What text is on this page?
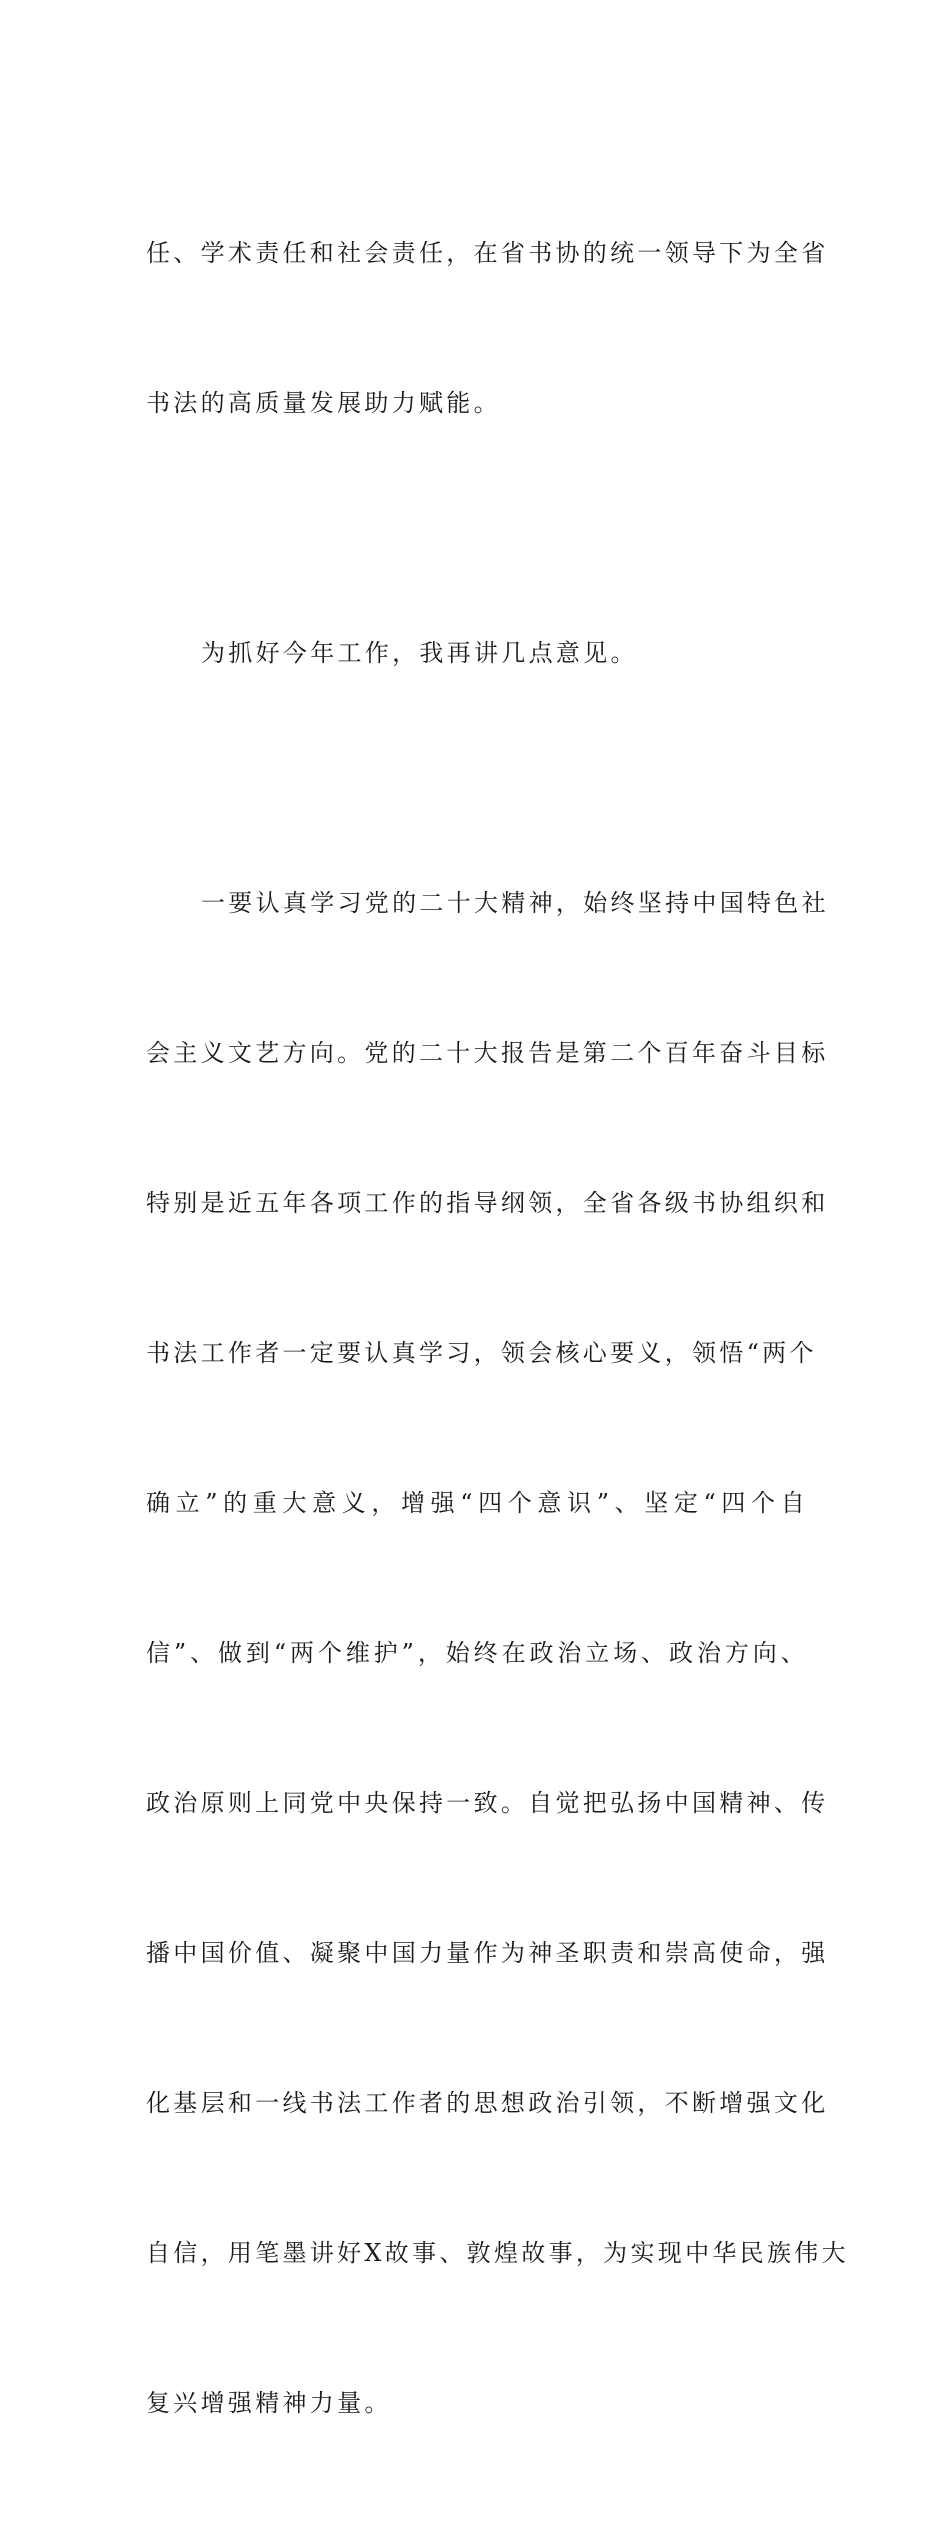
任、学术责任和社会责任，在省书协的统一领导下为全省

书法的高质量发展助力赋能。

为抓好今年工作，我再讲几点意见。

一要认真学习党的二十大精神，始终坚持中国特色社

会主义文艺方向。党的二十大报告是第二个百年奋斗目标

特别是近五年各项工作的指导纲领，全省各级书协组织和

书法工作者一定要认真学习，领会核心要义，领悟“两个

确立”的重大意义，增强“四个意识”、坚定“四个自

信”、做到“两个维护”，始终在政治立场、政治方向、

政治原则上同党中央保持一致。自觉把弘扬中国精神、传

播中国价值、凝聚中国力量作为神圣职责和崇高使命，强

化基层和一线书法工作者的思想政治引领，不断增强文化

自信，用笔墨讲好X故事、敦煌故事，为实现中华民族伟大

复兴增强精神力量。
